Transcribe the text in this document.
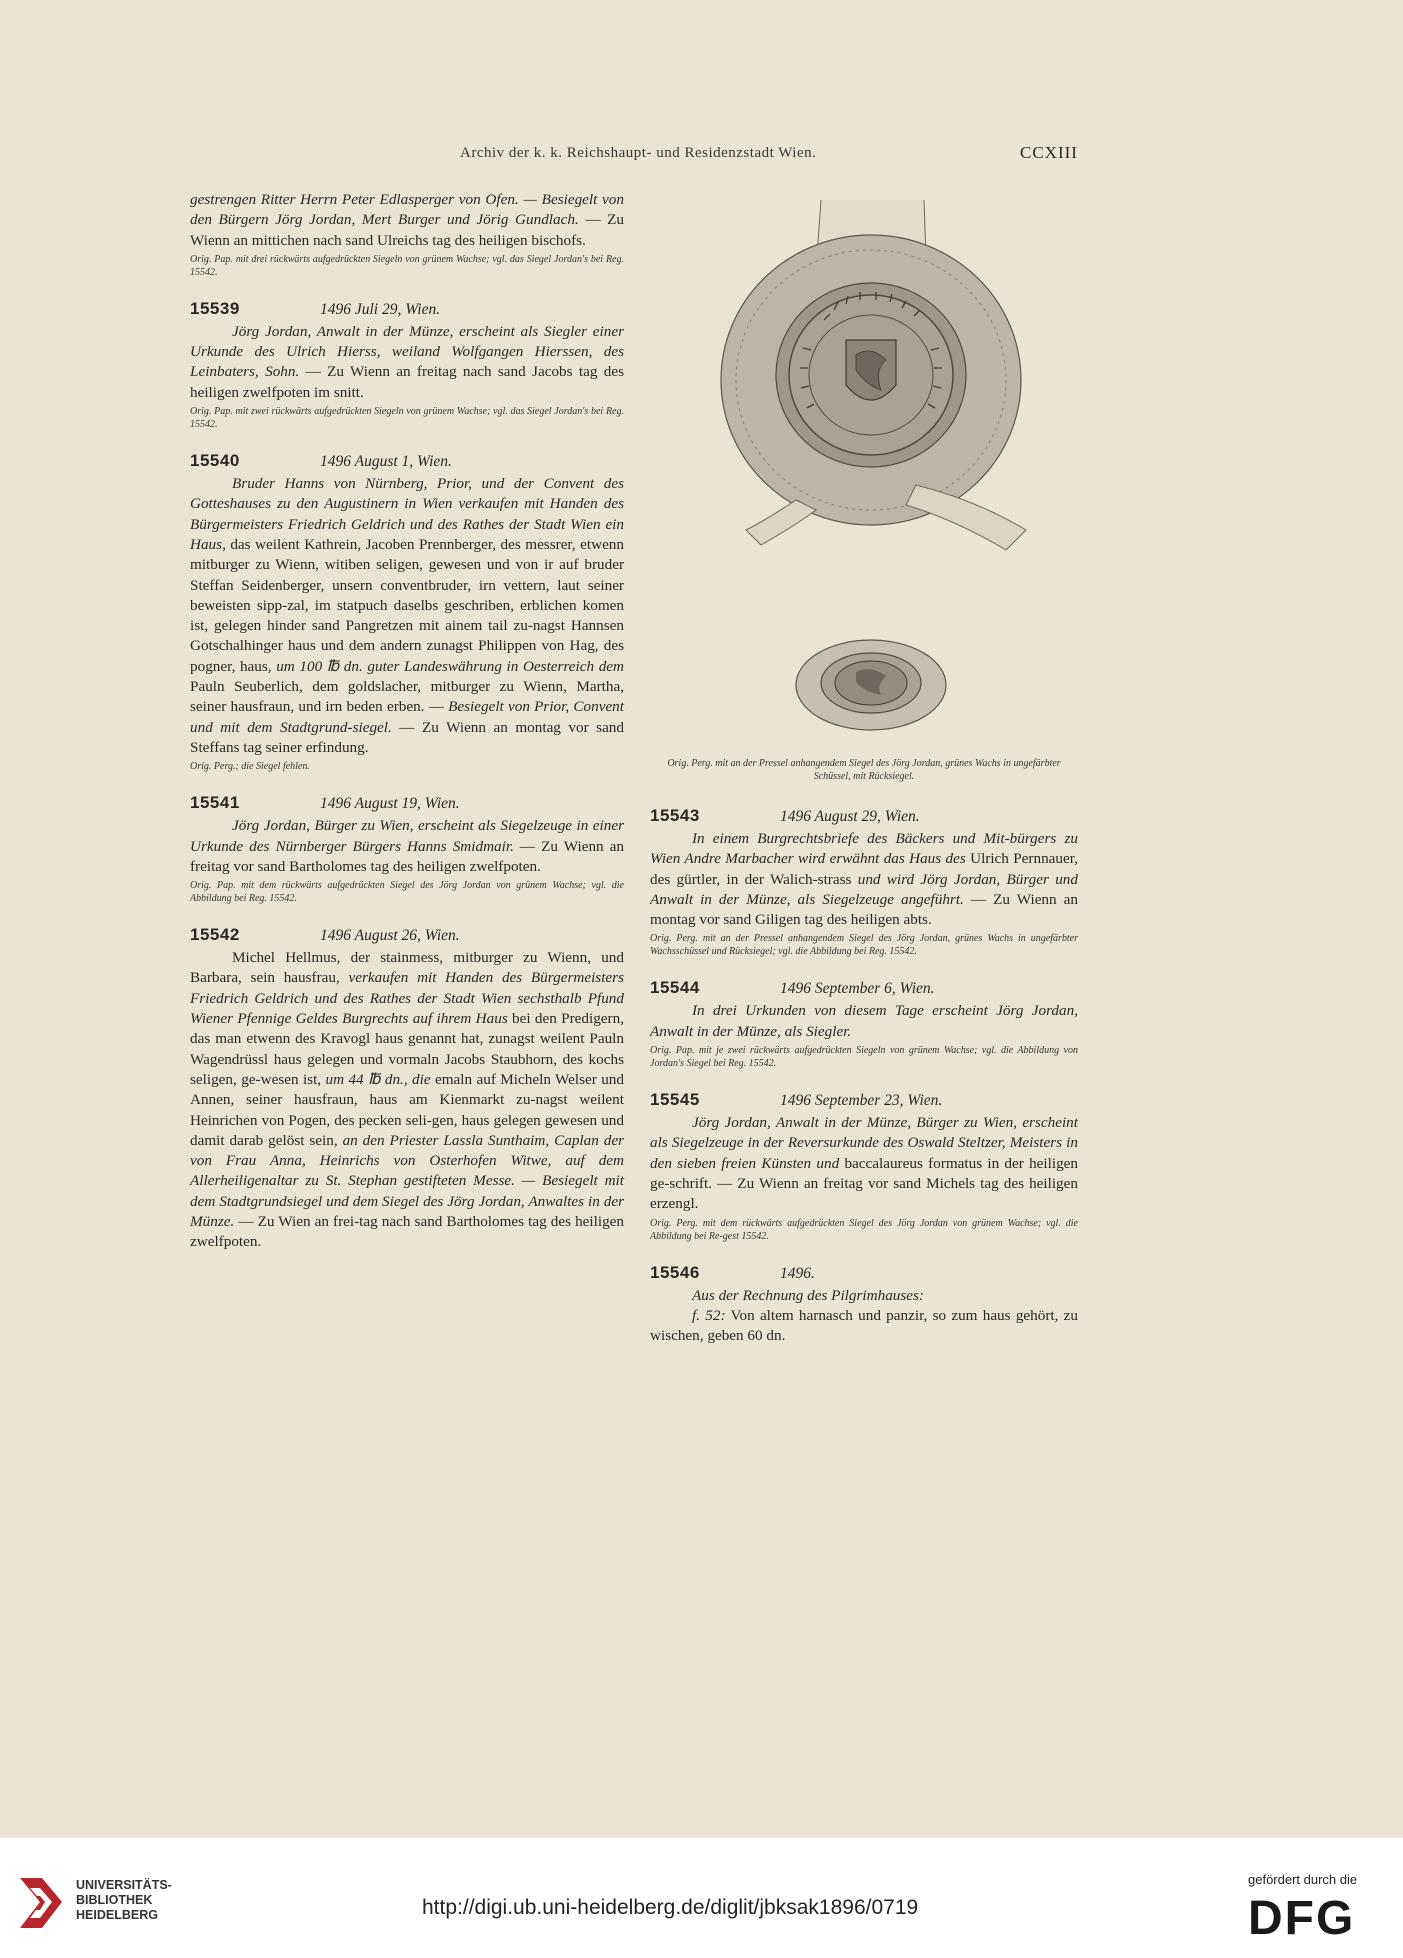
Archiv der k. k. Reichshaupt- und Residenzstadt Wien.	CCXIII

gestrengen Ritter Herrn Peter Edlasperger von Ofen. — Besiegelt von den Bürgern Jörg Jordan, Mert Burger und Jörig Gundlach. — Zu Wienn an mittichen nach sand Ulreichs tag des heiligen bischofs.

Orig. Pap. mit drei rückwärts aufgedrückten Siegeln von grünem Wachse; vgl. das Siegel Jordan's bei Reg. 15542.

15539	1496 Juli 29, Wien.

Jörg Jordan, Anwalt in der Münze, erscheint als Siegler einer Urkunde des Ulrich Hierss, weiland Wolfgangen Hierssen, des Leinbaters, Sohn. — Zu Wienn an freitag nach sand Jacobs tag des heiligen zwelfpoten im snitt.

Orig. Pap. mit zwei rückwärts aufgedrückten Siegeln von grünem Wachse; vgl. das Siegel Jordan's bei Reg. 15542.

15540	1496 August 1, Wien.

Bruder Hanns von Nürnberg, Prior, und der Convent des Gotteshauses zu den Augustinern in Wien verkaufen mit Handen des Bürgermeisters Friedrich Geldrich und des Rathes der Stadt Wien ein Haus, das weilent Kathrein, Jacoben Prennberger, des messrer, etwenn mitburger zu Wienn, witiben seligen, gewesen und von ir auf bruder Steffan Seidenberger, unsern conventbruder, irn vettern, laut seiner beweisten sipp-zal, im statpuch daselbs geschriben, erblichen komen ist, gelegen hinder sand Pangretzen mit ainem tail zu-nagst Hannsen Gotschalhinger haus und dem andern zunagst Philippen von Hag, des pogner, haus, um 100 ℔ dn. guter Landeswährung in Oesterreich dem Pauln Seuberlich, dem goldslacher, mitburger zu Wienn, Martha, seiner hausfraun, und irn beden erben. — Besiegelt von Prior, Convent und mit dem Stadtgrund-siegel. — Zu Wienn an montag vor sand Steffans tag seiner erfindung.

Orig. Perg.; die Siegel fehlen.

15541	1496 August 19, Wien.

Jörg Jordan, Bürger zu Wien, erscheint als Siegelzeuge in einer Urkunde des Nürnberger Bürgers Hanns Smidmair. — Zu Wienn an freitag vor sand Bartholomes tag des heiligen zwelfpoten.

Orig. Pap. mit dem rückwärts aufgedrückten Siegel des Jörg Jordan von grünem Wachse; vgl. die Abbildung bei Reg. 15542.

15542	1496 August 26, Wien.

Michel Hellmus, der stainmess, mitburger zu Wienn, und Barbara, sein hausfrau, verkaufen mit Handen des Bürgermeisters Friedrich Geldrich und des Rathes der Stadt Wien sechsthalb Pfund Wiener Pfennige Geldes Burgrechts auf ihrem Haus bei den Predigern, das man etwenn des Kravogl haus genannt hat, zunagst weilent Pauln Wagendrüssl haus gelegen und vormaln Jacobs Staubhorn, des kochs seligen, ge-wesen ist, um 44 ℔ dn., die emaln auf Micheln Welser und Annen, seiner hausfraun, haus am Kienmarkt zu-nagst weilent Heinrichen von Pogen, des pecken seli-gen, haus gelegen gewesen und damit darab gelöst sein, an den Priester Lassla Sunthaim, Caplan der von Frau Anna, Heinrichs von Osterhofen Witwe, auf dem Allerheiligenaltar zu St. Stephan gestifteten Messe. — Besiegelt mit dem Stadtgrundsiegel und dem Siegel des Jörg Jordan, Anwaltes in der Münze. — Zu Wien an frei-tag nach sand Bartholomes tag des heiligen zwelfpoten.

Orig. Perg. mit an der Pressel anhangendem Siegel des Jörg Jordan, grünes Wachs in ungefärbter Schüssel, mit Rücksiegel.
15543	1496 August 29, Wien.

In einem Burgrechtsbriefe des Bäckers und Mit-bürgers zu Wien Andre Marbacher wird erwähnt das Haus des Ulrich Pernnauer, des gürtler, in der Walich-strass und wird Jörg Jordan, Bürger und Anwalt in der Münze, als Siegelzeuge angeführt. — Zu Wienn an montag vor sand Giligen tag des heiligen abts.

Orig. Perg. mit an der Pressel anhangendem Siegel des Jörg Jordan, grünes Wachs in ungefärbter Wachsschüssel und Rücksiegel; vgl. die Abbildung bei Reg. 15542.

15544	1496 September 6, Wien.

In drei Urkunden von diesem Tage erscheint Jörg Jordan, Anwalt in der Münze, als Siegler.

Orig. Pap. mit je zwei rückwärts aufgedrückten Siegeln von grünem Wachse; vgl. die Abbildung von Jordan's Siegel bei Reg. 15542.

15545	1496 September 23, Wien.

Jörg Jordan, Anwalt in der Münze, Bürger zu Wien, erscheint als Siegelzeuge in der Reversurkunde des Oswald Steltzer, Meisters in den sieben freien Künsten und baccalaureus formatus in der heiligen ge-schrift. — Zu Wienn an freitag vor sand Michels tag des heiligen erzengl.

Orig. Perg. mit dem rückwärts aufgedrückten Siegel des Jörg Jordan von grünem Wachse; vgl. die Abbildung bei Re-gest 15542.

15546	1496.

Aus der Rechnung des Pilgrimhauses:

f. 52: Von altem harnasch und panzir, so zum haus gehört, zu wischen, geben 60 dn.

UNIVERSITÄTS-
BIBLIOTHEK
HEIDELBERG	http://digi.ub.uni-heidelberg.de/diglit/jbksak1896/0719
gefördert durch die
DFG
